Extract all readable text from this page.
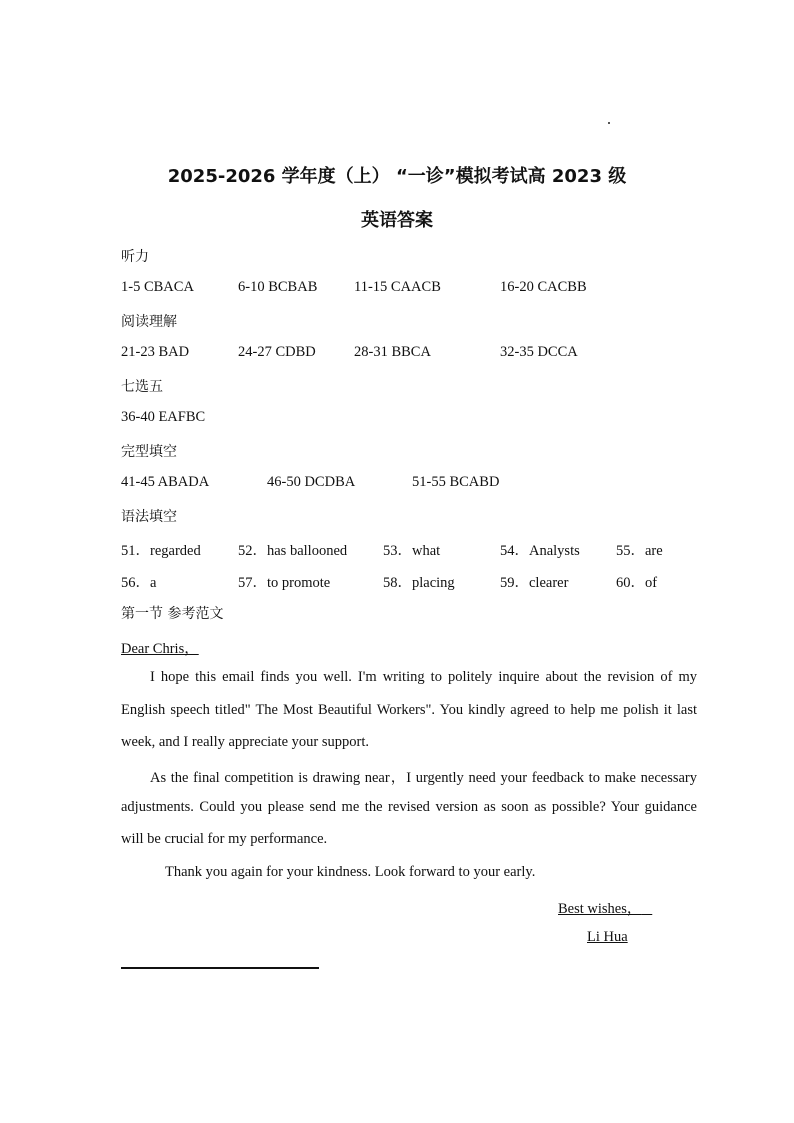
2025-2026 学年度（上） “一诊”模拟考试高 2023 级
英语答案
听力
1-5 CBACA	6-10 BCBAB	11-15 CAACB	16-20 CACBB
阅读理解
21-23 BAD	24-27 CDBD	28-31 BBCA	32-35 DCCA
七选五
36-40 EAFBC
完型填空
41-45 ABADA	46-50 DCDBA	51-55 BCABD
语法填空
51．regarded	52．has ballooned 53．what	54．Analysts	55．are
56．a	57．to promote	58．placing	59．clearer	60．of
第一节 参考范文
Dear Chris，
I hope this email finds you well. I'm writing to politely inquire about the revision of my
English speech titled" The Most Beautiful Workers". You kindly agreed to help me polish it last
week, and I really appreciate your support.
As the final competition is drawing near，I urgently need your feedback to make necessary
adjustments. Could you please send me the revised version as soon as possible? Your guidance
will be crucial for my performance.
Thank you again for your kindness. Look forward to your early.
Best wishes，
Li Hua
